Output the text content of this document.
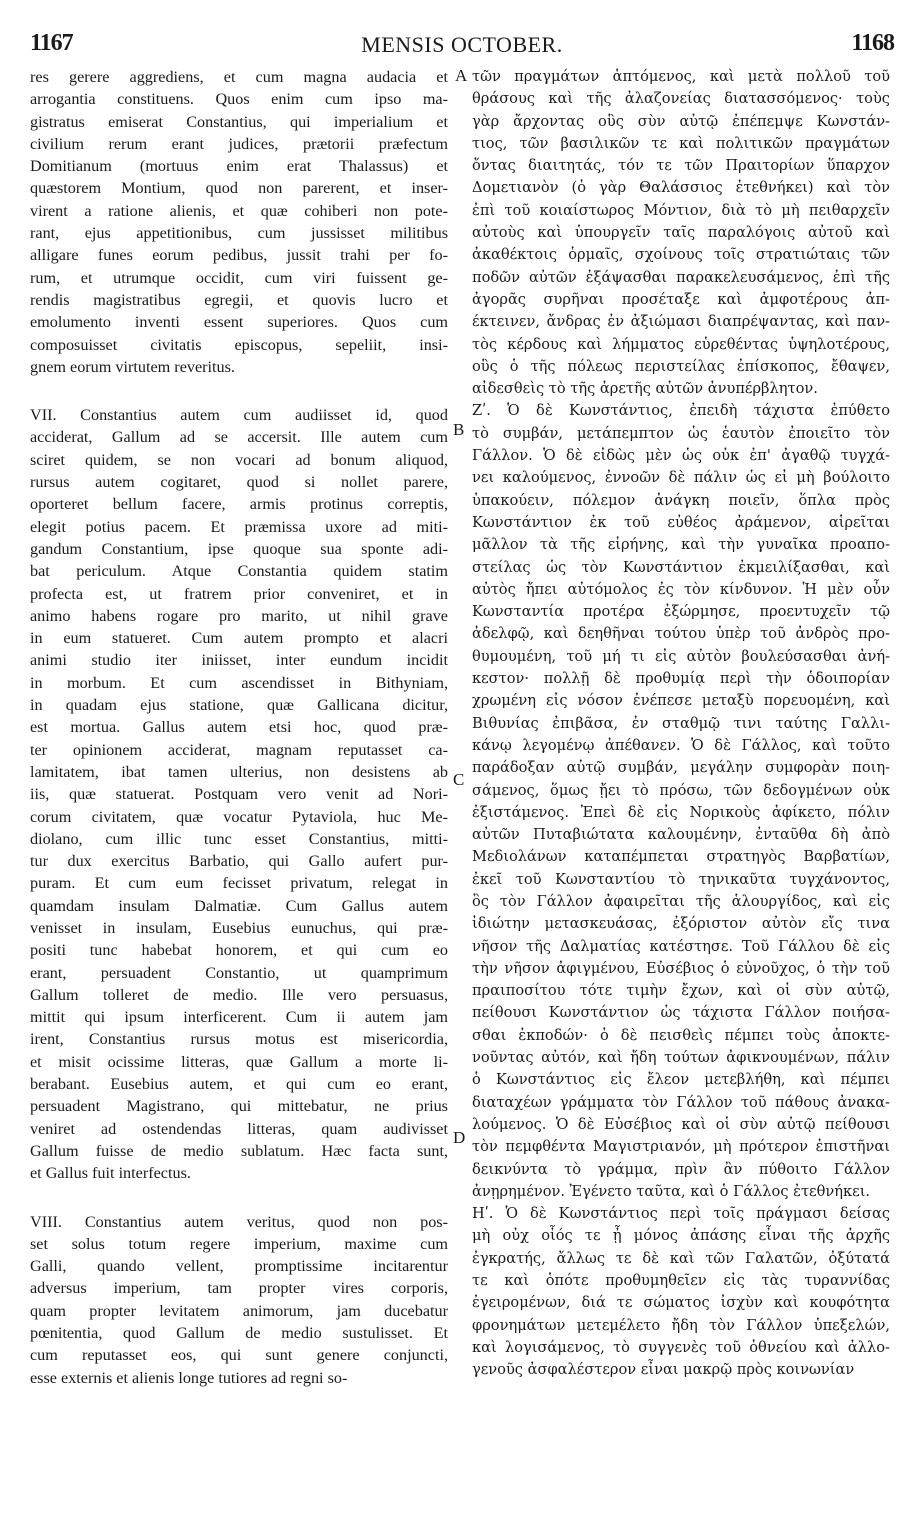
1167	MENSIS OCTOBER.	1168

res gerere aggrediens, et cum magna audacia et
arrogantia constituens. Quos enim cum ipso ma-
gistratus emiserat Constantius, qui imperialium et
civilium rerum erant judices, prætorii præfectum
Domitianum (mortuus enim erat Thalassus) et
quæstorem Montium, quod non parerent, et inser-
virent a ratione alienis, et quæ cohiberi non pote-
rant, ejus appetitionibus, cum jussisset militibus
alligare funes eorum pedibus, jussit trahi per fo-
rum, et utrumque occidit, cum viri fuissent ge-
rendis magistratibus egregii, et quovis lucro et
emolumento inventi essent superiores. Quos cum
composuisset civitatis episcopus, sepeliit, insi-
gnem eorum virtutem reveritus.

VII. Constantius autem cum audiisset id, quod
acciderat, Gallum ad se accersit. Ille autem cum
sciret quidem, se non vocari ad bonum aliquod,
rursus autem cogitaret, quod si nollet parere,
oporteret bellum facere, armis protinus correptis,
elegit potius pacem. Et præmissa uxore ad miti-
gandum Constantium, ipse quoque sua sponte adi-
bat periculum. Atque Constantia quidem statim
profecta est, ut fratrem prior conveniret, et in
animo habens rogare pro marito, ut nihil grave
in eum statueret. Cum autem prompto et alacri
animi studio iter iniisset, inter eundum incidit
in morbum. Et cum ascendisset in Bithyniam,
in quadam ejus statione, quæ Gallicana dicitur,
est mortua. Gallus autem etsi hoc, quod præ-
ter opinionem acciderat, magnam reputasset ca-
lamitatem, ibat tamen ulterius, non desistens ab
iis, quæ statuerat. Postquam vero venit ad Nori-
corum civitatem, quæ vocatur Pytaviola, huc Me-
diolano, cum illic tunc esset Constantius, mitti-
tur dux exercitus Barbatio, qui Gallo aufert pur-
puram. Et cum eum fecisset privatum, relegat in
quamdam insulam Dalmatiæ. Cum Gallus autem
venisset in insulam, Eusebius eunuchus, qui præ-
positi tunc habebat honorem, et qui cum eo
erant, persuadent Constantio, ut quamprimum
Gallum tolleret de medio. Ille vero persuasus,
mittit qui ipsum interficerent. Cum ii autem jam
irent, Constantius rursus motus est misericordia,
et misit ocissime litteras, quæ Gallum a morte li-
berabant. Eusebius autem, et qui cum eo erant,
persuadent Magistrano, qui mittebatur, ne prius
veniret ad ostendendas litteras, quam audivisset
Gallum fuisse de medio sublatum. Hæc facta sunt,
et Gallus fuit interfectus.

VIII. Constantius autem veritus, quod non pos-
set solus totum regere imperium, maxime cum
Galli, quando vellent, promptissime incitarentur
adversus imperium, tam propter vires corporis,
quam propter levitatem animorum, jam ducebatur
pœnitentia, quod Gallum de medio sustulisset. Et
cum reputasset eos, qui sunt genere conjuncti,
esse externis et alienis longe tutiores ad regni so-

τῶν πραγμάτων ἁπτόμενος, καὶ μετὰ πολλοῦ τοῦ
θράσους καὶ τῆς ἀλαζονείας διατασσόμενος· τοὺς
γὰρ ἄρχοντας οὓς σὺν αὐτῷ ἐπέπεμψε Κωνστάν-
τιος, τῶν βασιλικῶν τε καὶ πολιτικῶν πραγμάτων
ὄντας διαιτητάς, τόν τε τῶν Πραιτορίων ὕπαρχον
Δομετιανὸν (ὁ γὰρ Θαλάσσιος ἐτεθνήκει) καὶ τὸν
ἐπὶ τοῦ κοιαίστωρος Μόντιον, διὰ τὸ μὴ πειθαρχεῖν
αὐτοὺς καὶ ὑπουργεῖν ταῖς παραλόγοις αὐτοῦ καὶ
ἀκαθέκτοις ὁρμαῖς, σχοίνους τοῖς στρατιώταις τῶν
ποδῶν αὐτῶν ἐξάψασθαι παρακελευσάμενος, ἐπὶ τῆς
ἀγορᾶς συρῆναι προσέταξε καὶ ἀμφοτέρους ἀπ-
έκτεινεν, ἄνδρας ἐν ἀξιώμασι διαπρέψαντας, καὶ παν-
τὸς κέρδους καὶ λήμματος εὑρεθέντας ὑψηλοτέρους,
οὓς ὁ τῆς πόλεως περιστείλας ἐπίσκοπος, ἔθαψεν,
αἰδεσθεὶς τὸ τῆς ἀρετῆς αὐτῶν ἀνυπέρβλητον.

Ζʹ. Ὁ δὲ Κωνστάντιος, ἐπειδὴ τάχιστα ἐπύθετο
τὸ συμβάν, μετάπεμπτον ὡς ἑαυτὸν ἐποιεῖτο τὸν
Γάλλον. Ὁ δὲ εἰδὼς μὲν ὡς οὐκ ἐπ' ἀγαθῷ τυγχά-
νει καλούμενος, ἐννοῶν δὲ πάλιν ὡς εἰ μὴ βούλοιτο
ὑπακούειν, πόλεμον ἀνάγκη ποιεῖν, ὅπλα πρὸς
Κωνστάντιον ἐκ τοῦ εὐθέος ἀράμενον, αἱρεῖται
μᾶλλον τὰ τῆς εἰρήνης, καὶ τὴν γυναῖκα προαπο-
στείλας ὡς τὸν Κωνστάντιον ἐκμειλίξασθαι, καὶ
αὐτὸς ἤπει αὐτόμολος ἐς τὸν κίνδυνον. Ἡ μὲν οὖν
Κωνσταντία προτέρα ἐξώρμησε, προεντυχεῖν τῷ
ἀδελφῷ, καὶ δεηθῆναι τούτου ὑπὲρ τοῦ ἀνδρὸς προ-
θυμουμένη, τοῦ μή τι εἰς αὐτὸν βουλεύσασθαι ἀνή-
κεστον· πολλῇ δὲ προθυμίᾳ περὶ τὴν ὁδοιπορίαν
χρωμένη εἰς νόσον ἐνέπεσε μεταξὺ πορευομένη, καὶ
Βιθυνίας ἐπιβᾶσα, ἐν σταθμῷ τινι ταύτης Γαλλι-
κάνῳ λεγομένῳ ἀπέθανεν. Ὁ δὲ Γάλλος, καὶ τοῦτο
παράδοξαν αὐτῷ συμβάν, μεγάλην συμφορὰν ποιη-
σάμενος, ὅμως ᾔει τὸ πρόσω, τῶν δεδογμένων οὐκ
ἐξιστάμενος. Ἐπεὶ δὲ εἰς Νορικοὺς ἀφίκετο, πόλιν
αὐτῶν Πυταβιώτατα καλουμένην, ἐνταῦθα δὴ ἀπὸ
Μεδιολάνων καταπέμπεται στρατηγὸς Βαρβατίων,
ἐκεῖ τοῦ Κωνσταντίου τὸ τηνικαῦτα τυγχάνοντος,
ὃς τὸν Γάλλον ἀφαιρεῖται τῆς ἁλουργίδος, καὶ εἰς
ἰδιώτην μετασκευάσας, ἐξόριστον αὐτὸν εἴς τινα
νῆσον τῆς Δαλματίας κατέστησε. Τοῦ Γάλλου δὲ εἰς
τὴν νῆσον ἀφιγμένου, Εὐσέβιος ὁ εὐνοῦχος, ὁ τὴν τοῦ
πραιποσίτου τότε τιμὴν ἔχων, καὶ οἱ σὺν αὐτῷ,
πείθουσι Κωνστάντιον ὡς τάχιστα Γάλλον ποιήσα-
σθαι ἐκποδών· ὁ δὲ πεισθεὶς πέμπει τοὺς ἀποκτε-
νοῦντας αὐτόν, καὶ ἤδη τούτων ἀφικνουμένων, πάλιν
ὁ Κωνστάντιος εἰς ἔλεον μετεβλήθη, καὶ πέμπει
διαταχέων γράμματα τὸν Γάλλον τοῦ πάθους ἀνακα-
λούμενος. Ὁ δὲ Εὐσέβιος καὶ οἱ σὺν αὐτῷ πείθουσι
τὸν πεμφθέντα Μαγιστριανόν, μὴ πρότερον ἐπιστῆναι
δεικνύντα τὸ γράμμα, πρὶν ἂν πύθοιτο Γάλλον
ἀνῃρημένον. Ἐγένετο ταῦτα, καὶ ὁ Γάλλος ἐτεθνήκει.

Ηʹ. Ὁ δὲ Κωνστάντιος περὶ τοῖς πράγμασι δείσας
μὴ οὐχ οἷός τε ᾖ μόνος ἁπάσης εἶναι τῆς ἀρχῆς
ἐγκρατής, ἄλλως τε δὲ καὶ τῶν Γαλατῶν, ὀξύτατά
τε καὶ ὁπότε προθυμηθεῖεν εἰς τὰς τυραννίδας
ἐγειρομένων, διά τε σώματος ἰσχὺν καὶ κουφότητα
φρονημάτων μετεμέλετο ἤδη τὸν Γάλλον ὑπεξελών,
καὶ λογισάμενος, τὸ συγγενὲς τοῦ ὀθνείου καὶ ἀλλο-
γενοῦς ἀσφαλέστερον εἶναι μακρῷ πρὸς κοινωνίαν

A
B
C
D
